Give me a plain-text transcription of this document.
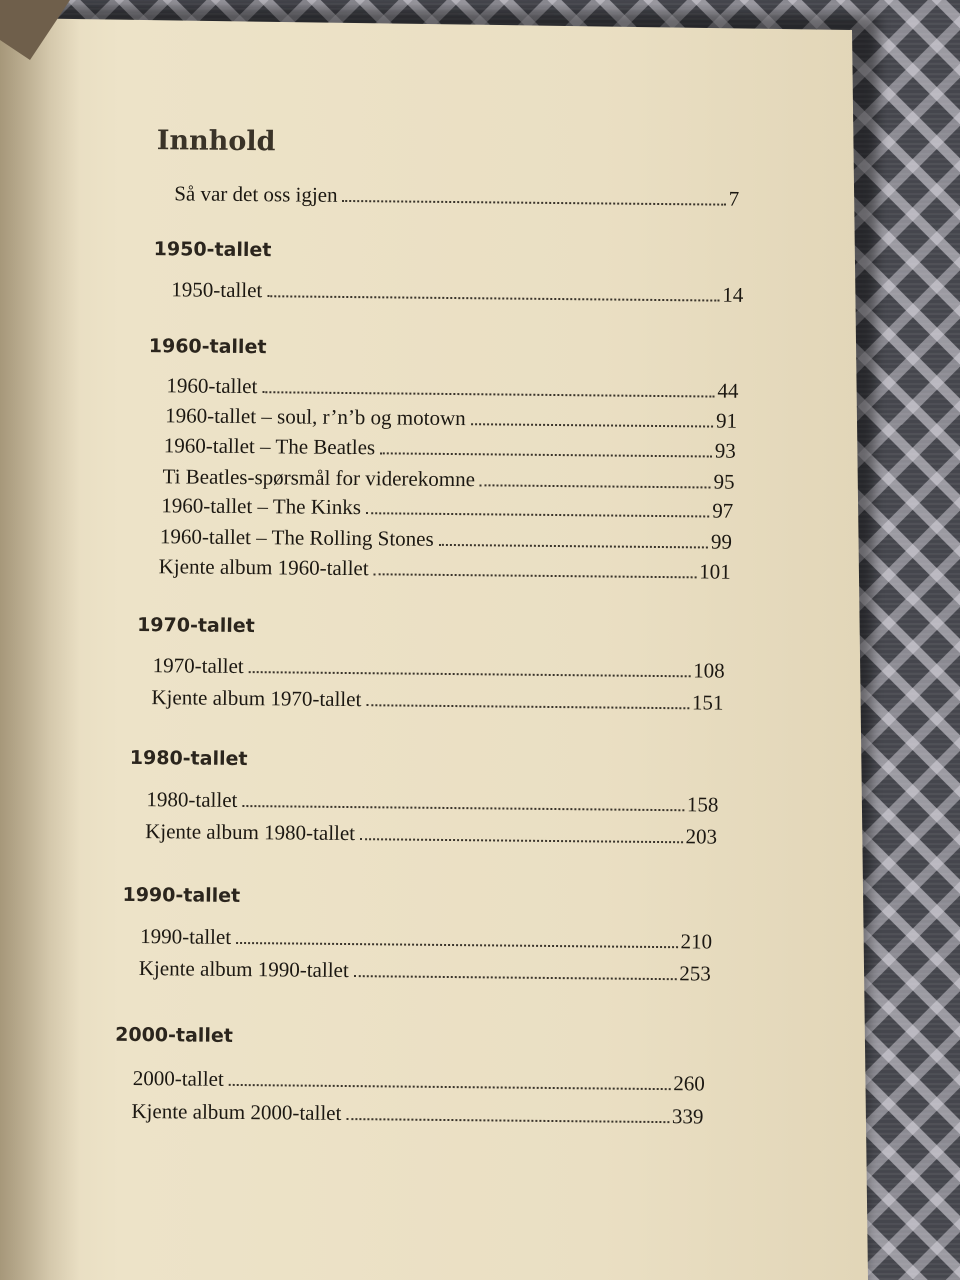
Innhold
Så var det oss igjen	7
1950-tallet
1950-tallet	14
1960-tallet
1960-tallet	44
1960-tallet – soul, r’n’b og motown	91
1960-tallet – The Beatles	93
Ti Beatles-spørsmål for viderekomne	95
1960-tallet – The Kinks	97
1960-tallet – The Rolling Stones	99
Kjente album 1960-tallet	101
1970-tallet
1970-tallet	108
Kjente album 1970-tallet	151
1980-tallet
1980-tallet	158
Kjente album 1980-tallet	203
1990-tallet
1990-tallet	210
Kjente album 1990-tallet	253
2000-tallet
2000-tallet	260
Kjente album 2000-tallet	339
